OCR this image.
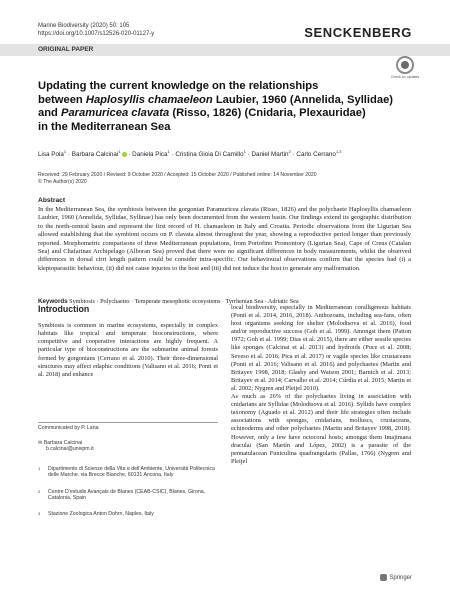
Marine Biodiversity (2020) 50: 105
https://doi.org/10.1007/s12526-020-01127-y	SENCKENBERG
ORIGINAL PAPER
Check for updates
Updating the current knowledge on the relationships
between Haplosyllis chamaeleon Laubier, 1960 (Annelida, Syllidae)
and Paramuricea clavata (Risso, 1826) (Cnidaria, Plexauridae)
in the Mediterranean Sea
Lisa Pola$^1$ · Barbara Calcinai$^1$ · Daniela Pica$^1$ · Cristina Gioia Di Camillo$^1$ · Daniel Martin$^2$ · Carlo Cerrano$^{1,3}$
Received: 29 February 2020 / Revised: 9 October 2020 / Accepted: 15 October 2020 / Published online: 14 November 2020
© The Author(s) 2020
Abstract
In the Mediterranean Sea, the symbiosis between the gorgonian Paramuricea clavata (Risso, 1826) and the polychaete Haplosyllis chamaeleon Laubier, 1960 (Annelida, Syllidae, Syllinae) has only been documented from the western basin. Our findings extend its geographic distribution to the north-central basin and represent the first record of H. chamaeleon in Italy and Croatia. Periodic observations from the Ligurian Sea allowed establishing that the symbiont occurs on P. clavata almost throughout the year, showing a reproductive period longer than previously reported. Morphometric comparisons of three Mediterranean populations, from Portofino Promontory (Ligurian Sea), Cape of Creus (Catalan Sea) and Chafarinas Archipelago (Alboran Sea) proved that there were no significant differences in body measurements, whilst the observed differences in dorsal cirri length pattern could be consider intra-specific. Our behavioural observations confirm that the species had (i) a kleptoparasitic behaviour, (ii) did not cause injuries to the host and (iii) did not induce the host to generate any malformation.
Keywords Symbiosis · Polychaetes · Temperate mesophotic ecosystems · Tyrrhenian Sea · Adriatic Sea
Introduction
Symbiosis is common in marine ecosystems, especially in complex habitats like tropical and temperate bioconstructions, where competitive and cooperative interactions are highly frequent. A particular type of bioconstructions are the submarine animal forests formed by gorgonians (Cerrano et al. 2010). Their three-dimensional structures may affect edaphic conditions (Valisano et al. 2016; Ponti et al. 2018) and enhance
local biodiversity, especially in Mediterranean coralligenous habitats (Ponti et al. 2014, 2016, 2018). Anthozoans, including sea-fans, often host organisms seeking for shelter (Molodtsova et al. 2016), food and/or reproductive success (Goh et al. 1999). Amongst them (Patton 1972; Goh et al. 1999; Dias et al. 2015), there are either sessile species like sponges (Calcinai et al. 2013) and hydroids (Puce et al. 2008; Seveso et al. 2016; Pica et al. 2017) or vagile species like crustaceans (Ponti et al. 2016; Valisano et al. 2016) and polychaetes (Martin and Britayev 1998, 2018; Glasby and Watson 2001; Barnich et al. 2013; Britayev et al. 2014; Carvalho et al. 2014; Cúrdia et al. 2015; Martin et al. 2002; Nygren and Pleijel 2010).
As much as 26% of the polychaetes living in association with cnidarians are Syllidae (Molodtsova et al. 2016). Syllids have complex taxonomy (Aguado et al. 2012) and their life strategies often include associations with sponges, cnidarians, molluscs, crustaceans, echinoderms and other polychaetes (Martin and Britayev 1998, 2018). However, only a few have octocoral hosts; amongst them Imajimaea draculai (San Martín and López, 2002) is a parasite of the pennatulacean Funiculina quadrangularis (Pallas, 1766) (Nygren and Pleijel
Communicated by P. Lana
✉ Barbara Calcinai
b.calcinai@univpm.it
1 Dipartimento di Scienze della Vita e dell’Ambiente, Università Politecnica delle Marche, via Brecce Bianche, 60131 Ancona, Italy
2 Centre D’estudis Avançats de Blanes (CEAB-CSIC), Blanes, Girona, Catalonia, Spain
3 Stazione Zoologica Anton Dohrn, Naples, Italy
Springer
